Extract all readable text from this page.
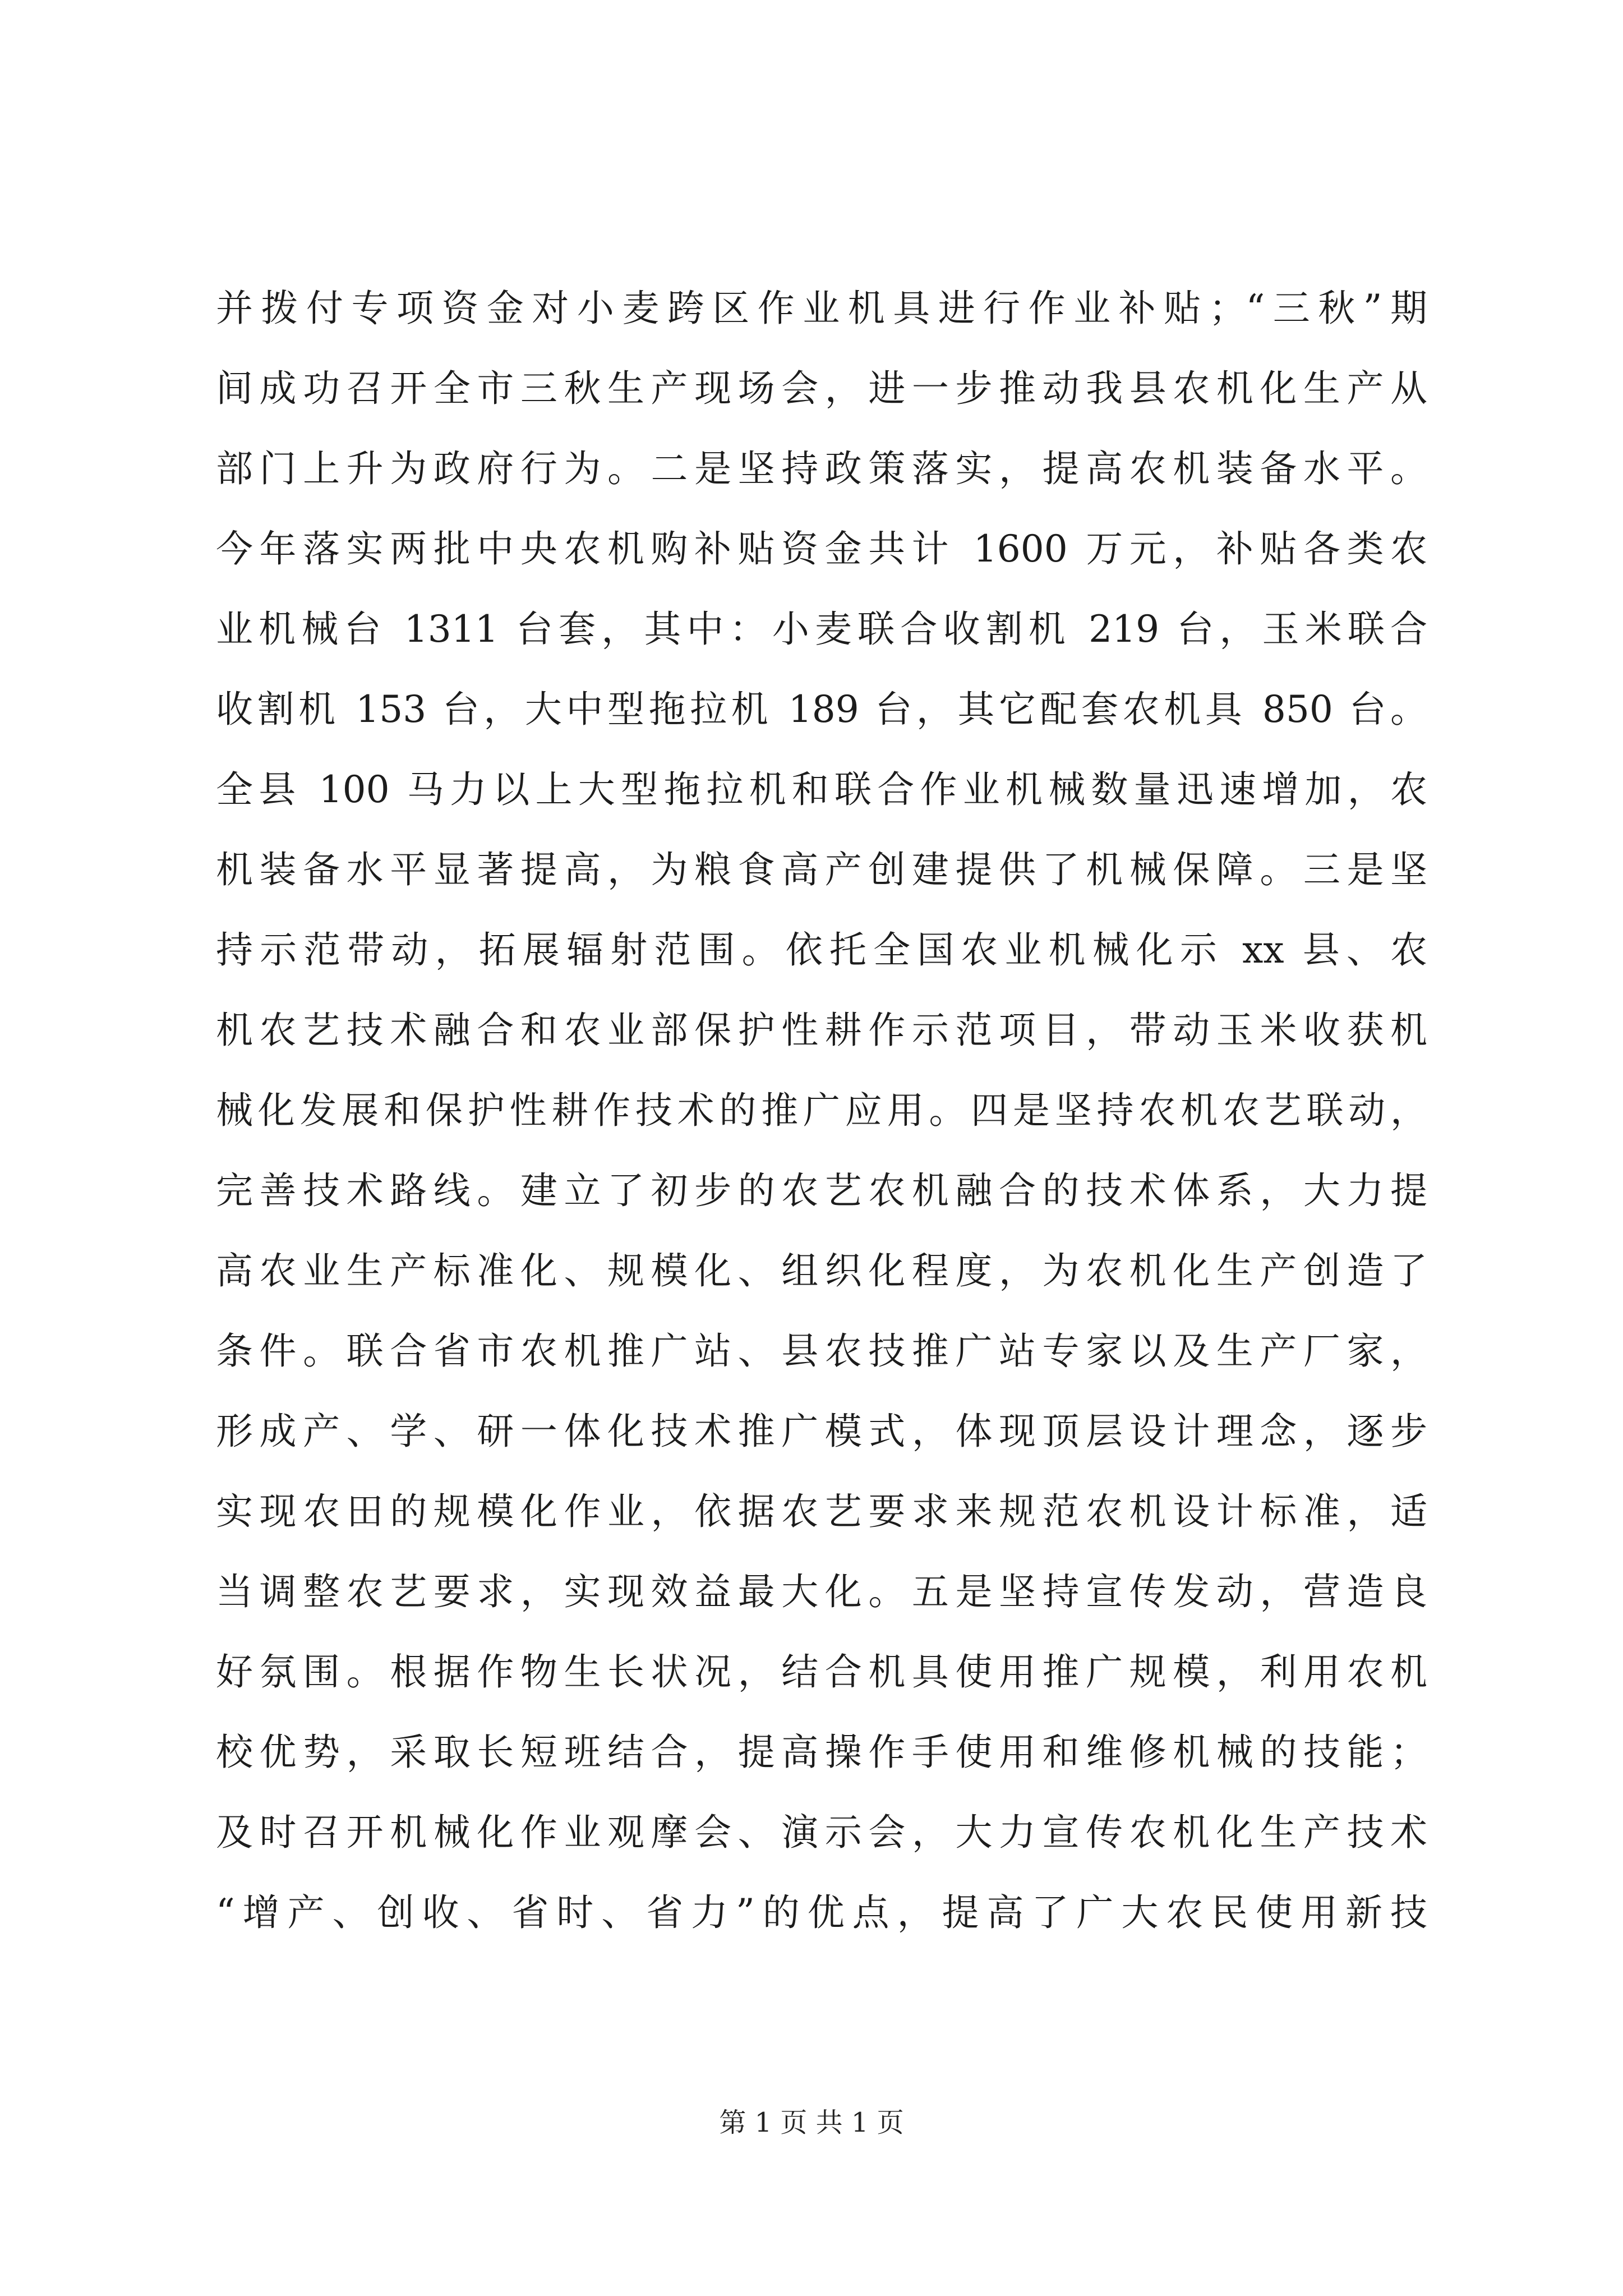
并拨付专项资金对小麦跨区作业机具进行作业补贴；“三秋”期
间成功召开全市三秋生产现场会，进一步推动我县农机化生产从
部门上升为政府行为。二是坚持政策落实，提高农机装备水平。
今年落实两批中央农机购补贴资金共计 1600 万元，补贴各类农
业机械台 1311 台套，其中：小麦联合收割机 219 台，玉米联合
收割机 153 台，大中型拖拉机 189 台，其它配套农机具 850 台。
全县 100 马力以上大型拖拉机和联合作业机械数量迅速增加，农
机装备水平显著提高，为粮食高产创建提供了机械保障。三是坚
持示范带动，拓展辐射范围。依托全国农业机械化示 xx 县、农
机农艺技术融合和农业部保护性耕作示范项目，带动玉米收获机
械化发展和保护性耕作技术的推广应用。四是坚持农机农艺联动，
完善技术路线。建立了初步的农艺农机融合的技术体系，大力提
高农业生产标准化、规模化、组织化程度，为农机化生产创造了
条件。联合省市农机推广站、县农技推广站专家以及生产厂家，
形成产、学、研一体化技术推广模式，体现顶层设计理念，逐步
实现农田的规模化作业，依据农艺要求来规范农机设计标准，适
当调整农艺要求，实现效益最大化。五是坚持宣传发动，营造良
好氛围。根据作物生长状况，结合机具使用推广规模，利用农机
校优势，采取长短班结合，提高操作手使用和维修机械的技能；
及时召开机械化作业观摩会、演示会，大力宣传农机化生产技术
“增产、创收、省时、省力”的优点，提高了广大农民使用新技
第 1 页 共 1 页
